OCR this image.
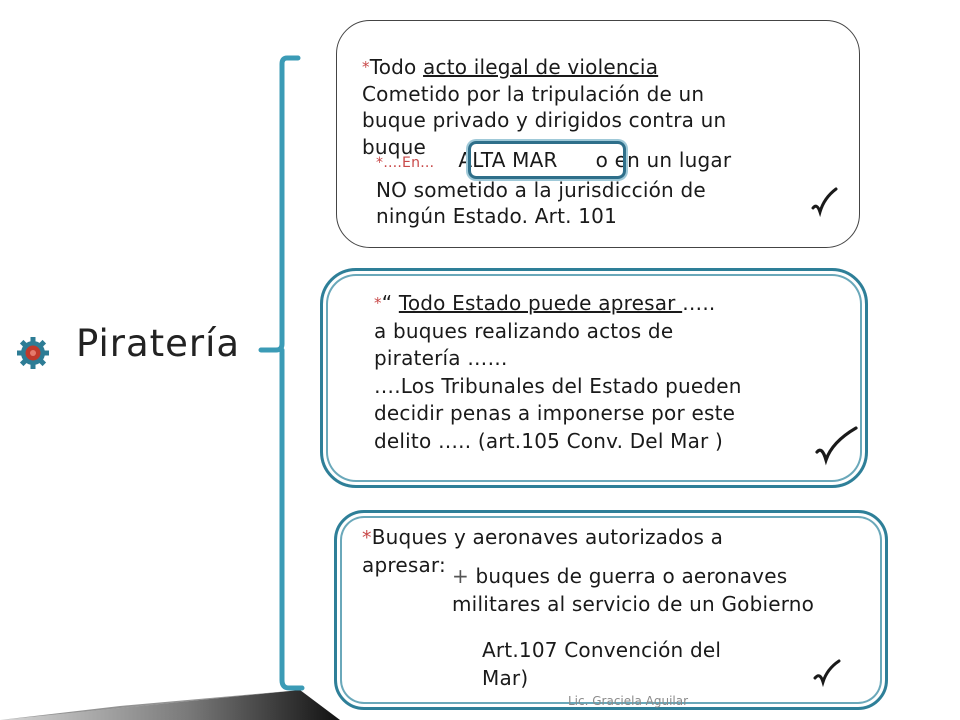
Piratería
*Todo acto ilegal de violencia
Cometido por la tripulación de un
buque privado y dirigidos contra un
buque
*….En… ALTA MAR o en un lugar
NO sometido a la jurisdicción de
ningún Estado. Art. 101
*“ Todo Estado puede apresar …..
a buques realizando actos de
piratería ……
….Los Tribunales del Estado pueden
decidir penas a imponerse por este
delito ….. (art.105 Conv. Del Mar )
*Buques y aeronaves autorizados a
apresar: + buques de guerra o aeronaves
militares al servicio de un Gobierno
Art.107 Convención del
Mar)
Lic. Graciela Aguilar
